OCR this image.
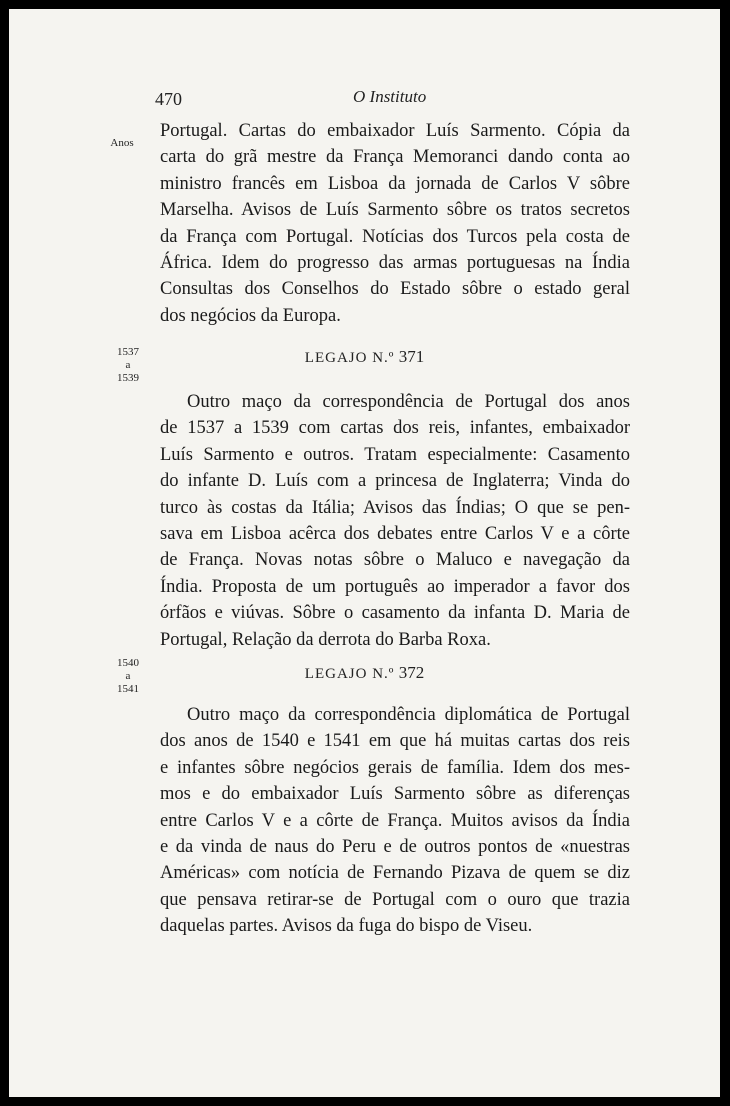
470	O Instituto
Anos
Portugal. Cartas do embaixador Luís Sarmento. Cópia da
carta do grã mestre da França Memoranci dando conta ao
ministro francês em Lisboa da jornada de Carlos V sôbre
Marselha. Avisos de Luís Sarmento sôbre os tratos secretos
da França com Portugal. Notícias dos Turcos pela costa de
África. Idem do progresso das armas portuguesas na Índia
Consultas dos Conselhos do Estado sôbre o estado geral
dos negócios da Europa.
1537
a
1539
LEGAJO N.º 371
Outro maço da correspondência de Portugal dos anos
de 1537 a 1539 com cartas dos reis, infantes, embaixador
Luís Sarmento e outros. Tratam especialmente: Casamento
do infante D. Luís com a princesa de Inglaterra; Vinda do
turco às costas da Itália; Avisos das Índias; O que se pen-
sava em Lisboa acêrca dos debates entre Carlos V e a côrte
de França. Novas notas sôbre o Maluco e navegação da
Índia. Proposta de um português ao imperador a favor dos
órfãos e viúvas. Sôbre o casamento da infanta D. Maria de
Portugal, Relação da derrota do Barba Roxa.
1540
a
1541
LEGAJO N.º 372
Outro maço da correspondência diplomática de Portugal
dos anos de 1540 e 1541 em que há muitas cartas dos reis
e infantes sôbre negócios gerais de família. Idem dos mes-
mos e do embaixador Luís Sarmento sôbre as diferenças
entre Carlos V e a côrte de França. Muitos avisos da Índia
e da vinda de naus do Peru e de outros pontos de «nuestras
Américas» com notícia de Fernando Pizava de quem se diz
que pensava retirar-se de Portugal com o ouro que trazia
daquelas partes. Avisos da fuga do bispo de Viseu.
